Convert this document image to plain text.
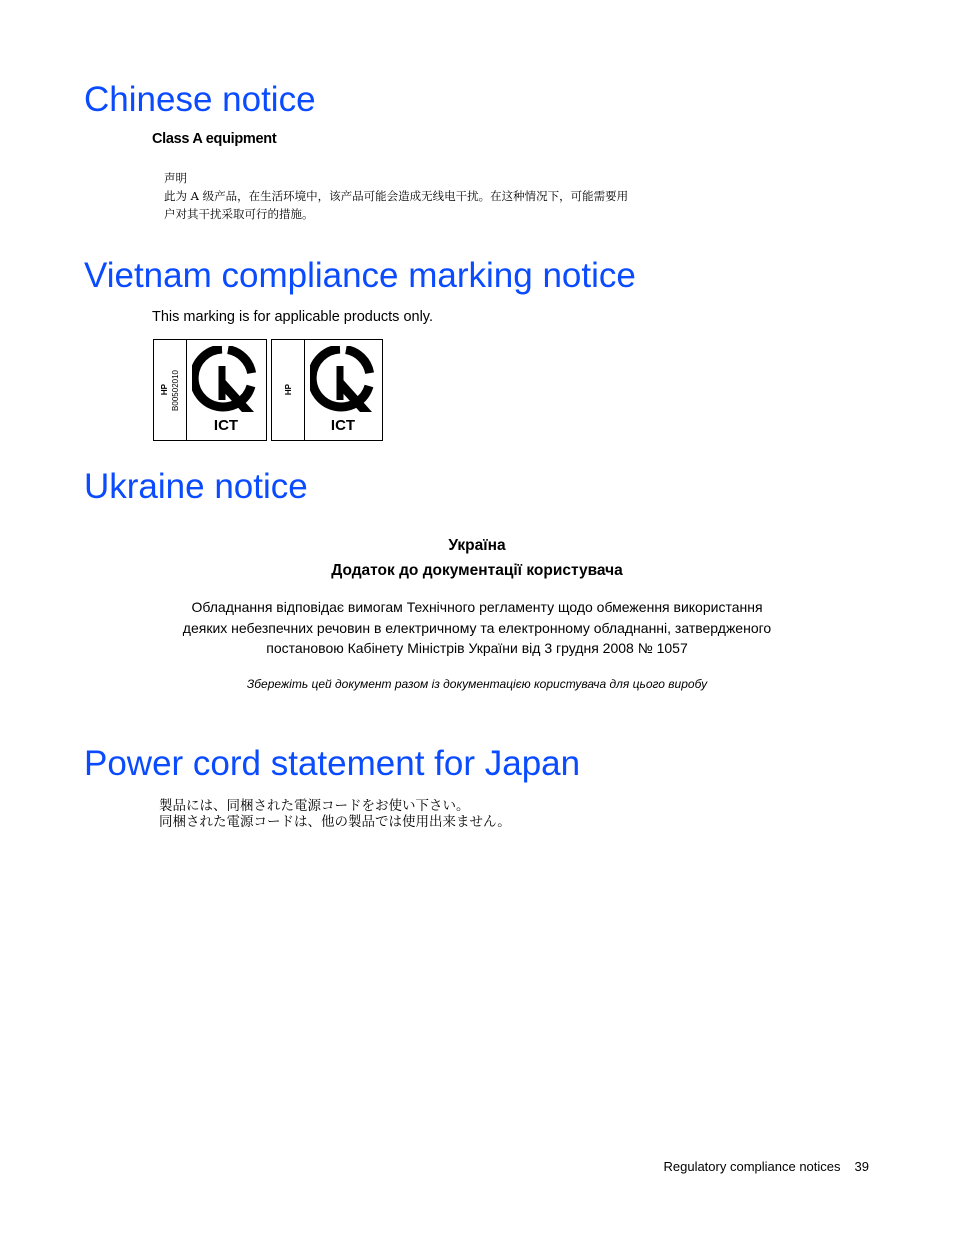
Chinese notice

Class A equipment

声明
此为 A 级产品，在生活环境中，该产品可能会造成无线电干扰。在这种情况下，可能需要用
户对其干扰采取可行的措施。
Vietnam compliance marking notice

This marking is for applicable products only.

HP B00502010
ICT
HP
ICT
Ukraine notice

Україна

Додаток до документації користувача

Обладнання відповідає вимогам Технічного регламенту щодо обмеження використання
деяких небезпечних речовин в електричному та електронному обладнанні, затвердженого
постановою Кабінету Міністрів України від 3 грудня 2008 № 1057

Збережіть цей документ разом із документацією користувача для цього виробу

Power cord statement for Japan
製品には、同梱された電源コードをお使い下さい。
同梱された電源コードは、他の製品では使用出来ません。
Regulatory compliance notices 39
